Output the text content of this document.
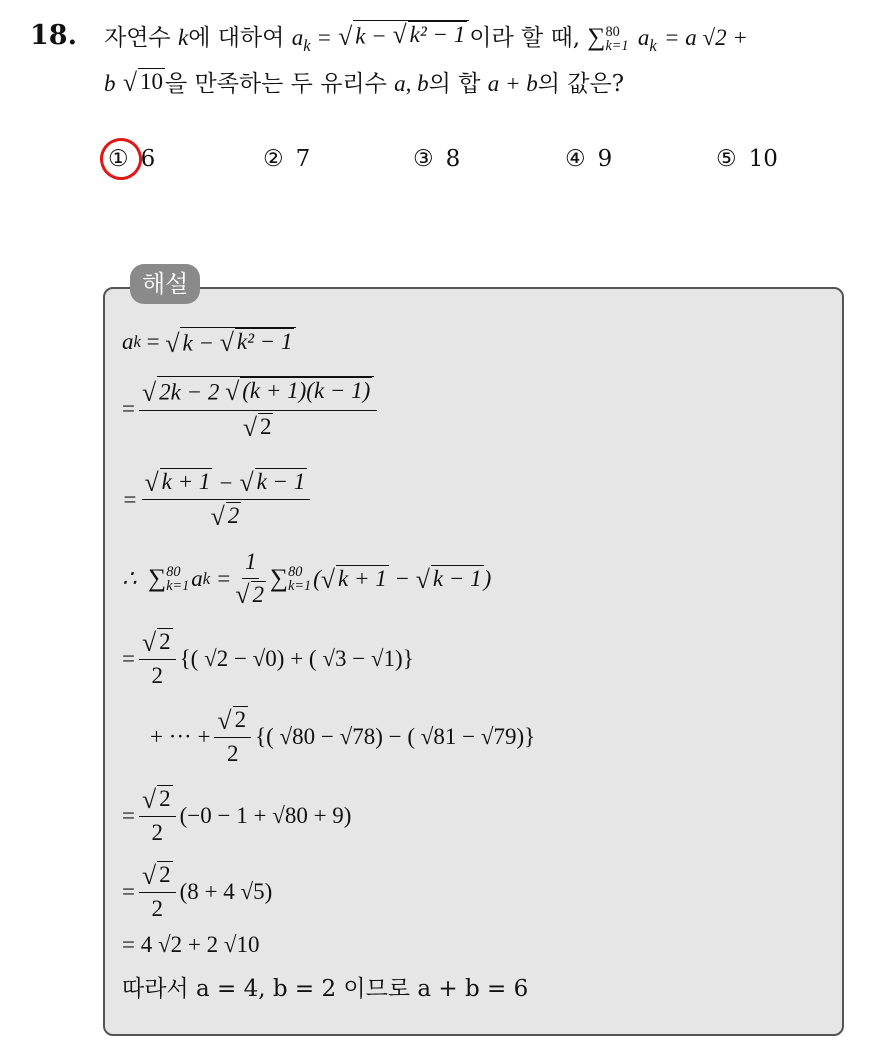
18. 자연수 k에 대하여 $a_k$ = √ k − √ k² − 1 이라 할 때, ∑ 80
k=1 $a_k = a$ √2 +
b √ 10 을 만족하는 두 유리수 a, b의 합 a + b의 값은?
① 6	② 7	③ 8	④ 9	⑤ 10
해설
a k = √ k − √ k² − 1
= $\frac{√ 2k - 2 √ (k + 1)(k - 1)}{√ 2}$
= $\frac{√ k + 1 - √ k - 1}{√ 2}$
∴
∑ 80
k=1 a $k = \frac{1}{√ 2}$ ∑ 80
k=1 ( √ k + 1 − √ k − 1 )
= $\frac{√ 2}{2}$ {( √2 − √0) + ( √3 − √1)}
+ ··· + $\frac{√ 2}{2}$ {( √80 − √78) − ( √81 − √79)}
= $\frac{√ 2}{2} (-0 - 1 + √80 + 9)$
= $\frac{√ 2}{2} (8 + 4$ √5)
= 4 √2 + 2 √10
따라서 a = 4, b = 2 이므로 a + b = 6
